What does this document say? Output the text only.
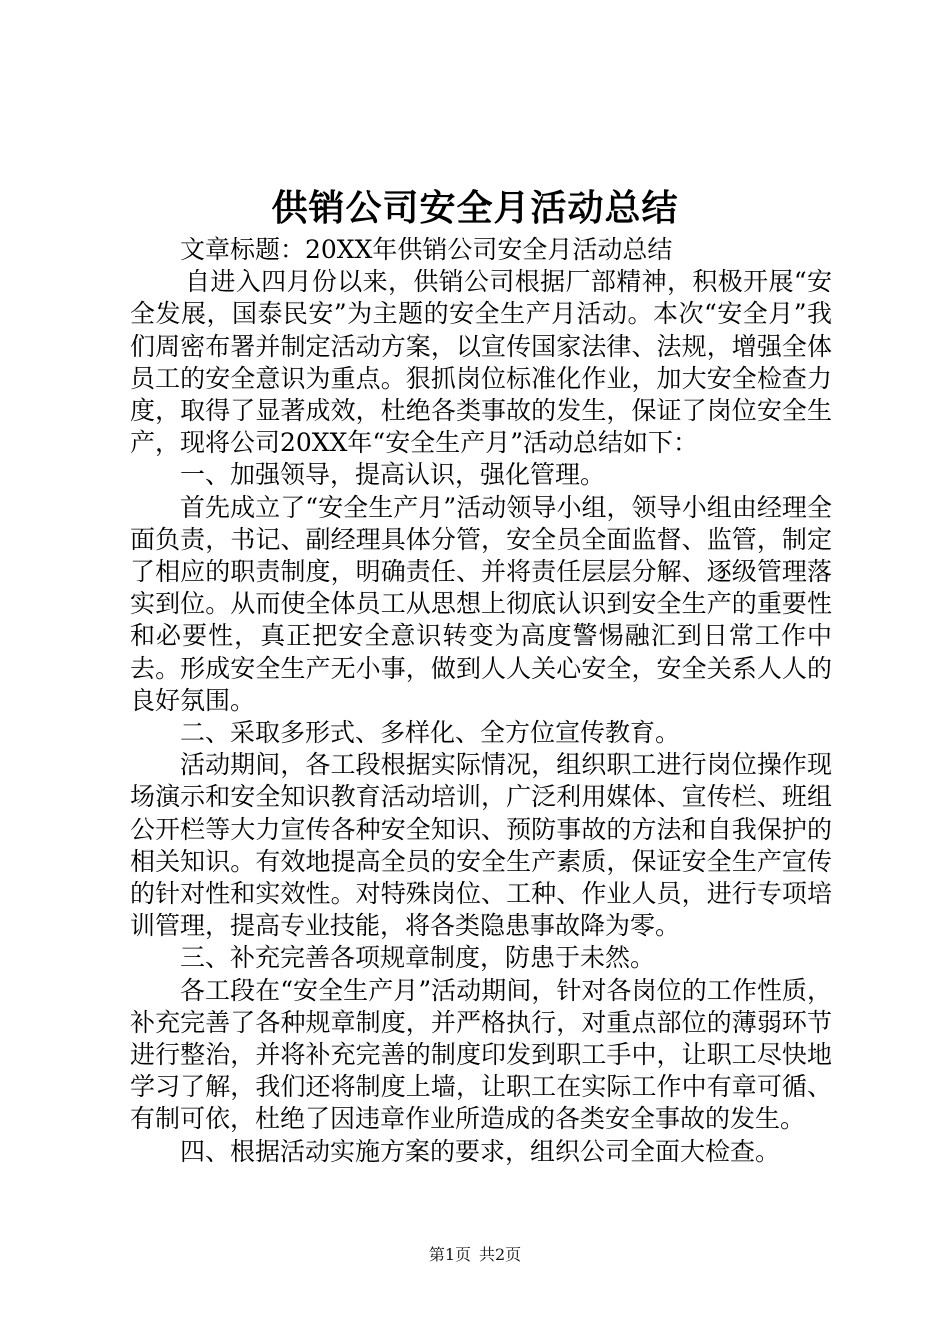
供销公司安全月活动总结

文章标题：20XX年供销公司安全月活动总结

自进入四月份以来，供销公司根据厂部精神，积极开展“安全发展，国泰民安”为主题的安全生产月活动。本次“安全月”我们周密布署并制定活动方案，以宣传国家法律、法规，增强全体员工的安全意识为重点。狠抓岗位标准化作业，加大安全检查力度，取得了显著成效，杜绝各类事故的发生，保证了岗位安全生产，现将公司20XX年“安全生产月”活动总结如下：

一、加强领导，提高认识，强化管理。

首先成立了“安全生产月”活动领导小组，领导小组由经理全面负责，书记、副经理具体分管，安全员全面监督、监管，制定了相应的职责制度，明确责任、并将责任层层分解、逐级管理落实到位。从而使全体员工从思想上彻底认识到安全生产的重要性和必要性，真正把安全意识转变为高度警惕融汇到日常工作中去。形成安全生产无小事，做到人人关心安全，安全关系人人的良好氛围。

二、采取多形式、多样化、全方位宣传教育。

活动期间，各工段根据实际情况，组织职工进行岗位操作现场演示和安全知识教育活动培训，广泛利用媒体、宣传栏、班组公开栏等大力宣传各种安全知识、预防事故的方法和自我保护的相关知识。有效地提高全员的安全生产素质，保证安全生产宣传的针对性和实效性。对特殊岗位、工种、作业人员，进行专项培训管理，提高专业技能，将各类隐患事故降为零。

三、补充完善各项规章制度，防患于未然。

各工段在“安全生产月”活动期间，针对各岗位的工作性质，补充完善了各种规章制度，并严格执行，对重点部位的薄弱环节进行整治，并将补充完善的制度印发到职工手中，让职工尽快地学习了解，我们还将制度上墙，让职工在实际工作中有章可循、有制可依，杜绝了因违章作业所造成的各类安全事故的发生。

四、根据活动实施方案的要求，组织公司全面大检查。

第1页 共2页
